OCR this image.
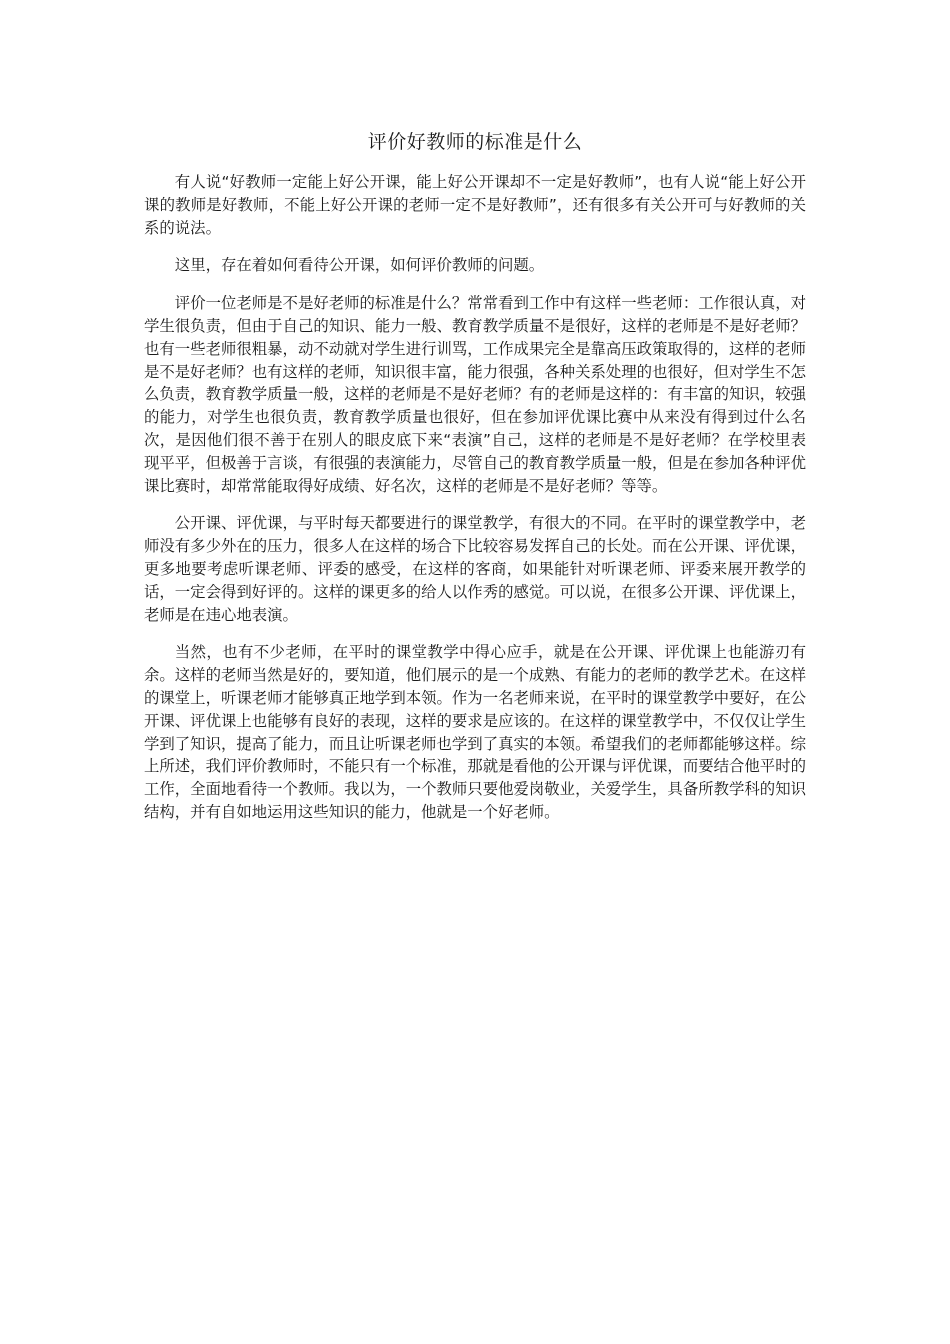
评价好教师的标准是什么

有人说“好教师一定能上好公开课，能上好公开课却不一定是好教师”，也有人说“能上好公开课的教师是好教师，不能上好公开课的老师一定不是好教师”，还有很多有关公开可与好教师的关系的说法。

这里，存在着如何看待公开课，如何评价教师的问题。

评价一位老师是不是好老师的标准是什么？常常看到工作中有这样一些老师：工作很认真，对学生很负责，但由于自己的知识、能力一般、教育教学质量不是很好，这样的老师是不是好老师？也有一些老师很粗暴，动不动就对学生进行训骂，工作成果完全是靠高压政策取得的，这样的老师是不是好老师？也有这样的老师，知识很丰富，能力很强，各种关系处理的也很好，但对学生不怎么负责，教育教学质量一般，这样的老师是不是好老师？有的老师是这样的：有丰富的知识，较强的能力，对学生也很负责，教育教学质量也很好，但在参加评优课比赛中从来没有得到过什么名次，是因他们很不善于在别人的眼皮底下来“表演”自己，这样的老师是不是好老师？在学校里表现平平，但极善于言谈，有很强的表演能力，尽管自己的教育教学质量一般，但是在参加各种评优课比赛时，却常常能取得好成绩、好名次，这样的老师是不是好老师？等等。

公开课、评优课，与平时每天都要进行的课堂教学，有很大的不同。在平时的课堂教学中，老师没有多少外在的压力，很多人在这样的场合下比较容易发挥自己的长处。而在公开课、评优课，更多地要考虑听课老师、评委的感受，在这样的客商，如果能针对听课老师、评委来展开教学的话，一定会得到好评的。这样的课更多的给人以作秀的感觉。可以说，在很多公开课、评优课上，老师是在违心地表演。

当然，也有不少老师，在平时的课堂教学中得心应手，就是在公开课、评优课上也能游刃有余。这样的老师当然是好的，要知道，他们展示的是一个成熟、有能力的老师的教学艺术。在这样的课堂上，听课老师才能够真正地学到本领。作为一名老师来说，在平时的课堂教学中要好，在公开课、评优课上也能够有良好的表现，这样的要求是应该的。在这样的课堂教学中，不仅仅让学生学到了知识，提高了能力，而且让听课老师也学到了真实的本领。希望我们的老师都能够这样。综上所述，我们评价教师时，不能只有一个标准，那就是看他的公开课与评优课，而要结合他平时的工作，全面地看待一个教师。我以为，一个教师只要他爱岗敬业，关爱学生，具备所教学科的知识结构，并有自如地运用这些知识的能力，他就是一个好老师。
